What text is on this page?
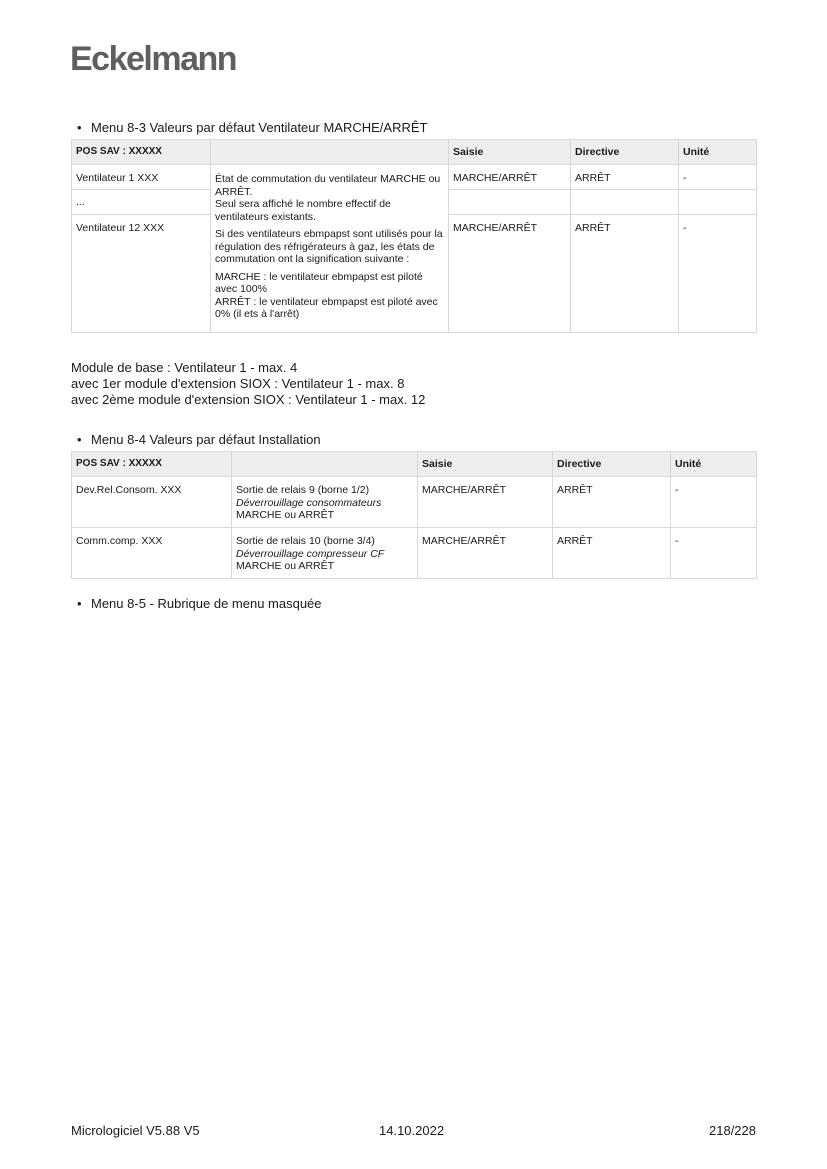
Eckelmann
• Menu 8-3 Valeurs par défaut Ventilateur MARCHE/ARRÊT
POS SAV : XXXXX		Saisie	Directive	Unité
Ventilateur 1 XXX	État de commutation du ventilateur MARCHE ou ARRÊT.

Seul sera affiché le nombre effectif de ventilateurs existants.

Si des ventilateurs ebmpapst sont utilisés pour la régulation des réfrigérateurs à gaz, les états de commutation ont la signification suivante :

MARCHE : le ventilateur ebmpapst est piloté avec 100%

ARRÊT : le ventilateur ebmpapst est piloté avec 0% (il ets à l'arrêt)	MARCHE/ARRÊT	ARRÊT	-
...				
Ventilateur 12 XXX		MARCHE/ARRÊT	ARRÊT	-
Module de base : Ventilateur 1 - max. 4
avec 1er module d'extension SIOX : Ventilateur 1 - max. 8
avec 2ème module d'extension SIOX : Ventilateur 1 - max. 12
• Menu 8-4 Valeurs par défaut Installation
POS SAV : XXXXX		Saisie	Directive	Unité
Dev.Rel.Consom. XXX	Sortie de relais 9 (borne 1/2)
Déverrouillage consommateurs
MARCHE ou ARRÊT	MARCHE/ARRÊT	ARRÊT	-
Comm.comp. XXX	Sortie de relais 10 (borne 3/4)
Déverrouillage compresseur CF
MARCHE ou ARRÊT	MARCHE/ARRÊT	ARRÊT	-
• Menu 8-5 - Rubrique de menu masquée
Micrologiciel V5.88 V5	14.10.2022	218/228
